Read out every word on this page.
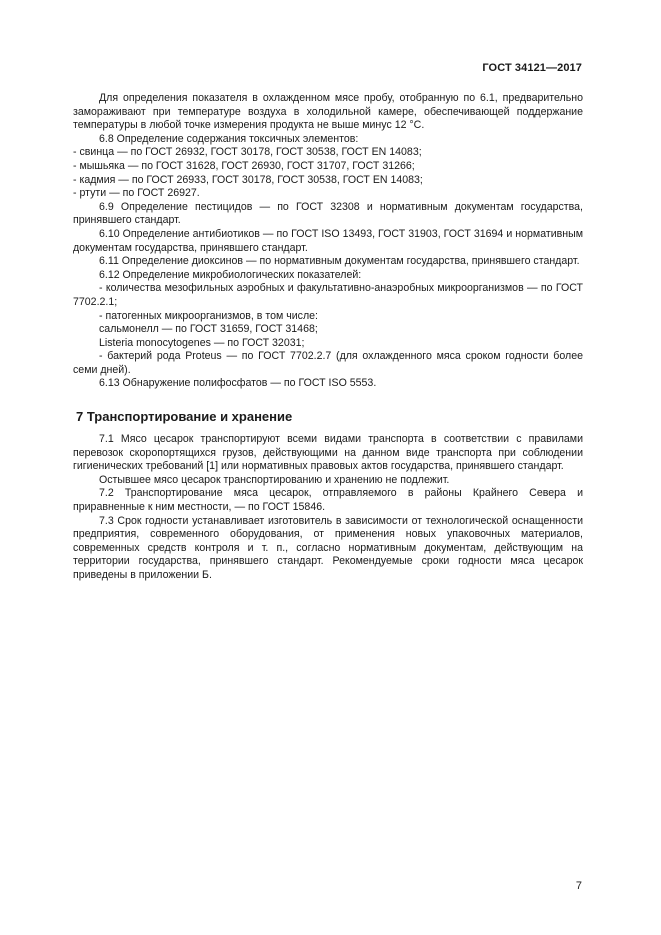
ГОСТ 34121—2017

Для определения показателя в охлажденном мясе пробу, отобранную по 6.1, предварительно замораживают при температуре воздуха в холодильной камере, обеспечивающей поддержание температуры в любой точке измерения продукта не выше минус 12 °С.

6.8 Определение содержания токсичных элементов:

- свинца — по ГОСТ 26932, ГОСТ 30178, ГОСТ 30538, ГОСТ EN 14083;

- мышьяка — по ГОСТ 31628, ГОСТ 26930, ГОСТ 31707, ГОСТ 31266;

- кадмия — по ГОСТ 26933, ГОСТ 30178, ГОСТ 30538, ГОСТ EN 14083;

- ртути — по ГОСТ 26927.

6.9 Определение пестицидов — по ГОСТ 32308 и нормативным документам государства, принявшего стандарт.

6.10 Определение антибиотиков — по ГОСТ ISO 13493, ГОСТ 31903, ГОСТ 31694 и нормативным документам государства, принявшего стандарт.

6.11 Определение диоксинов — по нормативным документам государства, принявшего стандарт.

6.12 Определение микробиологических показателей:

- количества мезофильных аэробных и факультативно-анаэробных микроорганизмов — по ГОСТ 7702.2.1;

- патогенных микроорганизмов, в том числе:

сальмонелл — по ГОСТ 31659, ГОСТ 31468;

Listeria monocytogenes — по ГОСТ 32031;

- бактерий рода Proteus — по ГОСТ 7702.2.7 (для охлажденного мяса сроком годности более семи дней).

6.13 Обнаружение полифосфатов — по ГОСТ ISO 5553.

7 Транспортирование и хранение

7.1 Мясо цесарок транспортируют всеми видами транспорта в соответствии с правилами перевозок скоропортящихся грузов, действующими на данном виде транспорта при соблюдении гигиенических требований [1] или нормативных правовых актов государства, принявшего стандарт.

Остывшее мясо цесарок транспортированию и хранению не подлежит.

7.2 Транспортирование мяса цесарок, отправляемого в районы Крайнего Севера и приравненные к ним местности, — по ГОСТ 15846.

7.3 Срок годности устанавливает изготовитель в зависимости от технологической оснащенности предприятия, современного оборудования, от применения новых упаковочных материалов, современных средств контроля и т. п., согласно нормативным документам, действующим на территории государства, принявшего стандарт. Рекомендуемые сроки годности мяса цесарок приведены в приложении Б.

7
